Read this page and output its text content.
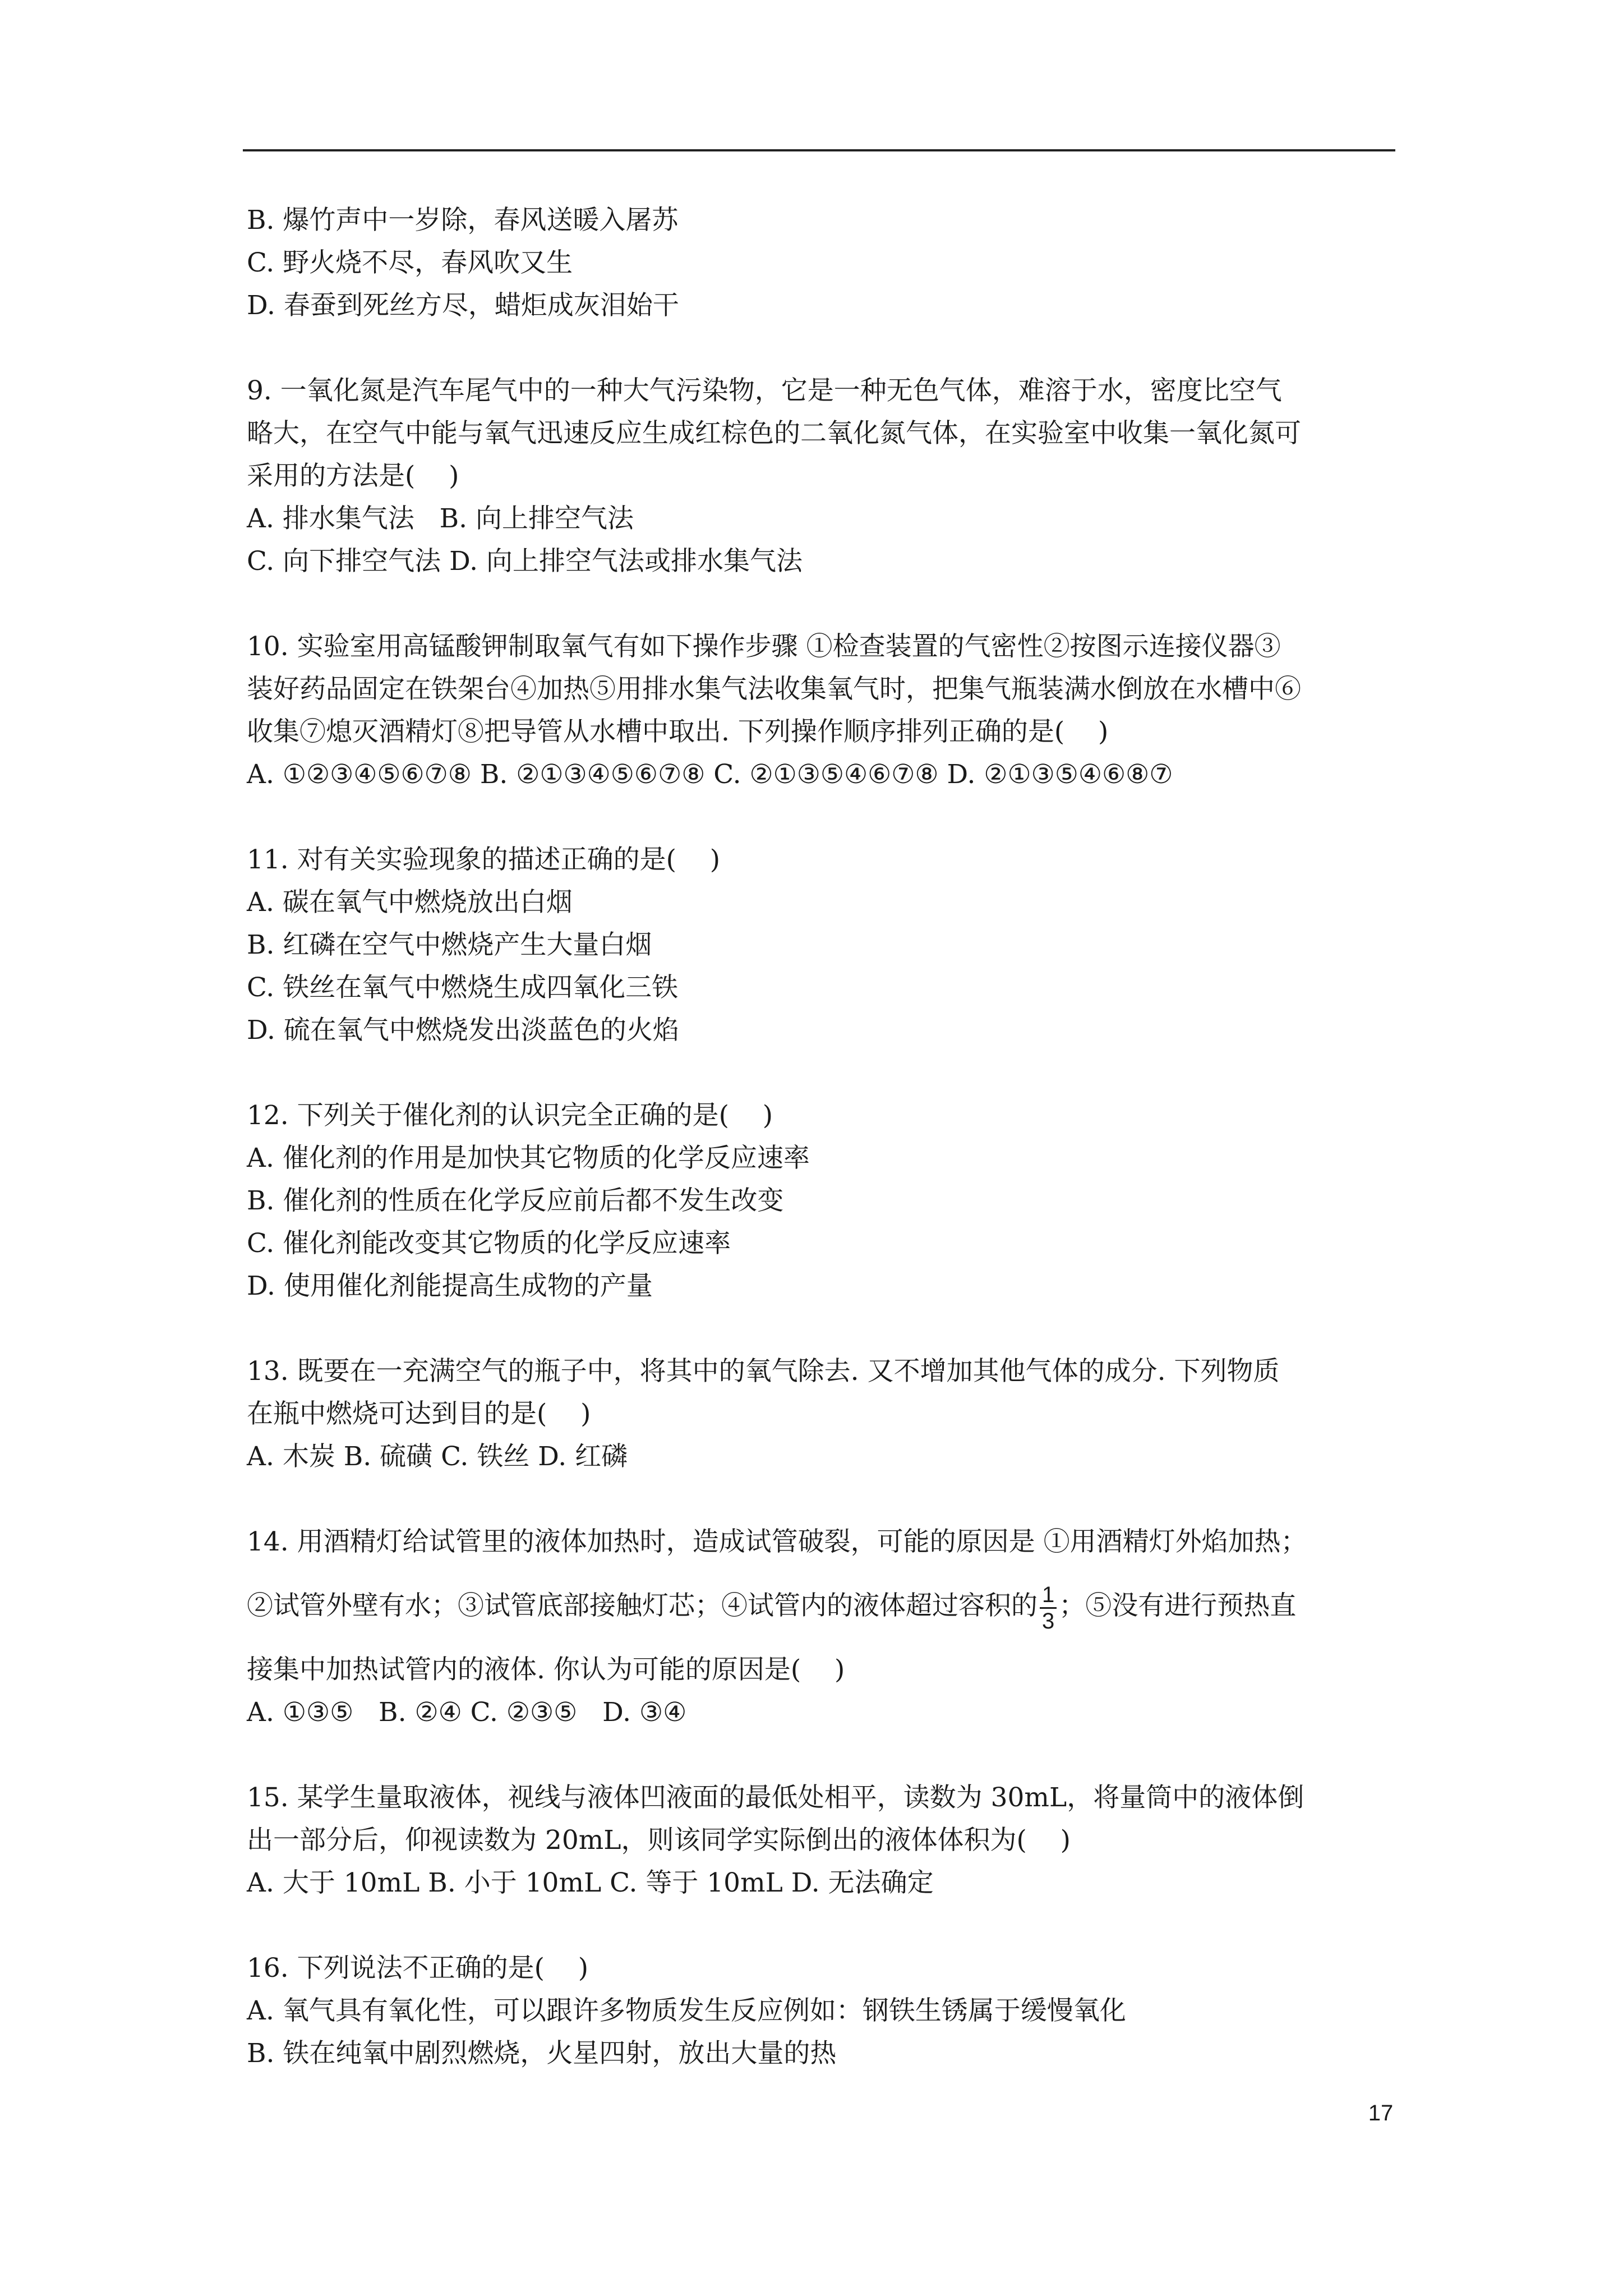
B. 爆竹声中一岁除，春风送暖入屠苏
C. 野火烧不尽，春风吹又生
D. 春蚕到死丝方尽，蜡炬成灰泪始干
9. 一氧化氮是汽车尾气中的一种大气污染物，它是一种无色气体，难溶于水，密度比空气
略大，在空气中能与氧气迅速反应生成红棕色的二氧化氮气体，在实验室中收集一氧化氮可
采用的方法是(    )
A. 排水集气法   B. 向上排空气法
C. 向下排空气法 D. 向上排空气法或排水集气法
10. 实验室用高锰酸钾制取氧气有如下操作步骤 ①检查装置的气密性②按图示连接仪器③
装好药品固定在铁架台④加热⑤用排水集气法收集氧气时，把集气瓶装满水倒放在水槽中⑥
收集⑦熄灭酒精灯⑧把导管从水槽中取出. 下列操作顺序排列正确的是(    )
A. ①②③④⑤⑥⑦⑧ B. ②①③④⑤⑥⑦⑧ C. ②①③⑤④⑥⑦⑧ D. ②①③⑤④⑥⑧⑦
11. 对有关实验现象的描述正确的是(    )
A. 碳在氧气中燃烧放出白烟
B. 红磷在空气中燃烧产生大量白烟
C. 铁丝在氧气中燃烧生成四氧化三铁
D. 硫在氧气中燃烧发出淡蓝色的火焰
12. 下列关于催化剂的认识完全正确的是(    )
A. 催化剂的作用是加快其它物质的化学反应速率
B. 催化剂的性质在化学反应前后都不发生改变
C. 催化剂能改变其它物质的化学反应速率
D. 使用催化剂能提高生成物的产量
13. 既要在一充满空气的瓶子中，将其中的氧气除去. 又不增加其他气体的成分. 下列物质
在瓶中燃烧可达到目的是(    )
A. 木炭 B. 硫磺 C. 铁丝 D. 红磷
14. 用酒精灯给试管里的液体加热时，造成试管破裂，可能的原因是 ①用酒精灯外焰加热；
②试管外壁有水；③试管底部接触灯芯；④试管内的液体超过容积的 $\frac{1}{3}$ ；⑤没有进行预热直
接集中加热试管内的液体. 你认为可能的原因是(    )
A. ①③⑤   B. ②④ C. ②③⑤   D. ③④
15. 某学生量取液体，视线与液体凹液面的最低处相平，读数为 30mL，将量筒中的液体倒
出一部分后，仰视读数为 20mL，则该同学实际倒出的液体体积为(    )
A. 大于 10mL B. 小于 10mL C. 等于 10mL D. 无法确定
16. 下列说法不正确的是(    )
A. 氧气具有氧化性，可以跟许多物质发生反应例如：钢铁生锈属于缓慢氧化
B. 铁在纯氧中剧烈燃烧，火星四射，放出大量的热
17
